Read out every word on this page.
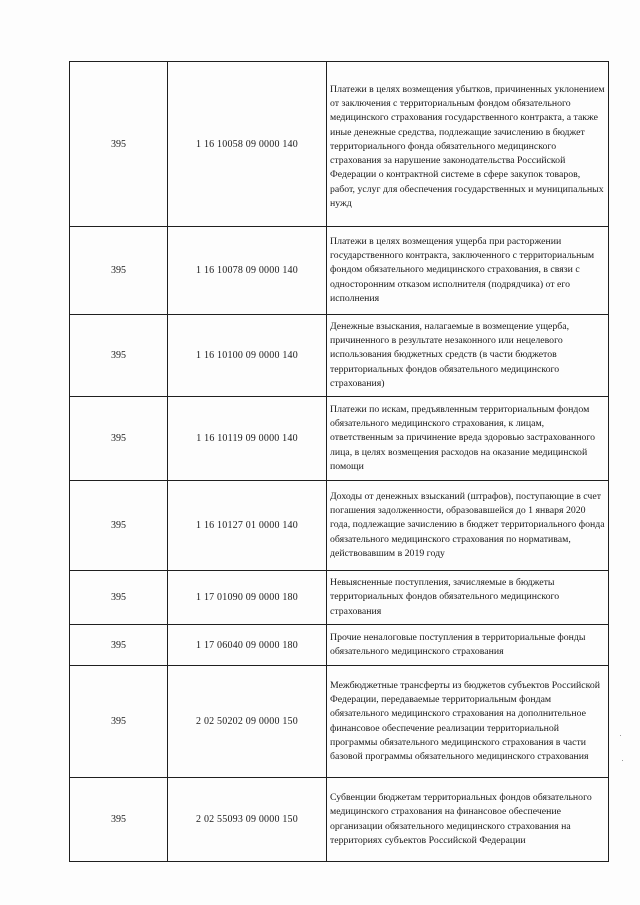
395	1 16 10058 09 0000 140	Платежи в целях возмещения убытков, причиненных уклонением от заключения с территориальным фондом обязательного медицинского страхования государственного контракта, а также иные денежные средства, подлежащие зачислению в бюджет территориального фонда обязательного медицинского страхования за нарушение законодательства Российской Федерации о контрактной системе в сфере закупок товаров, работ, услуг для обеспечения государственных и муниципальных нужд

395	1 16 10078 09 0000 140	Платежи в целях возмещения ущерба при расторжении государственного контракта, заключенного с территориальным фондом обязательного медицинского страхования, в связи с односторонним отказом исполнителя (подрядчика) от его исполнения

395	1 16 10100 09 0000 140	Денежные взыскания, налагаемые в возмещение ущерба, причиненного в результате незаконного или нецелевого использования бюджетных средств (в части бюджетов территориальных фондов обязательного медицинского страхования)

395	1 16 10119 09 0000 140	Платежи по искам, предъявленным территориальным фондом обязательного медицинского страхования, к лицам, ответственным за причинение вреда здоровью застрахованного лица, в целях возмещения расходов на оказание медицинской помощи

395	1 16 10127 01 0000 140	Доходы от денежных взысканий (штрафов), поступающие в счет погашения задолженности, образовавшейся до 1 января 2020 года, подлежащие зачислению в бюджет территориального фонда обязательного медицинского страхования по нормативам, действовавшим в 2019 году

395	1 17 01090 09 0000 180	Невыясненные поступления, зачисляемые в бюджеты территориальных фондов обязательного медицинского страхования

395	1 17 06040 09 0000 180	Прочие неналоговые поступления в территориальные фонды обязательного медицинского страхования

395	2 02 50202 09 0000 150	Межбюджетные трансферты из бюджетов субъектов Российской Федерации, передаваемые территориальным фондам обязательного медицинского страхования на дополнительное финансовое обеспечение реализации территориальной программы обязательного медицинского страхования в части базовой программы обязательного медицинского страхования

395	2 02 55093 09 0000 150	Субвенции бюджетам территориальных фондов обязательного медицинского страхования на финансовое обеспечение организации обязательного медицинского страхования на территориях субъектов Российской Федерации
